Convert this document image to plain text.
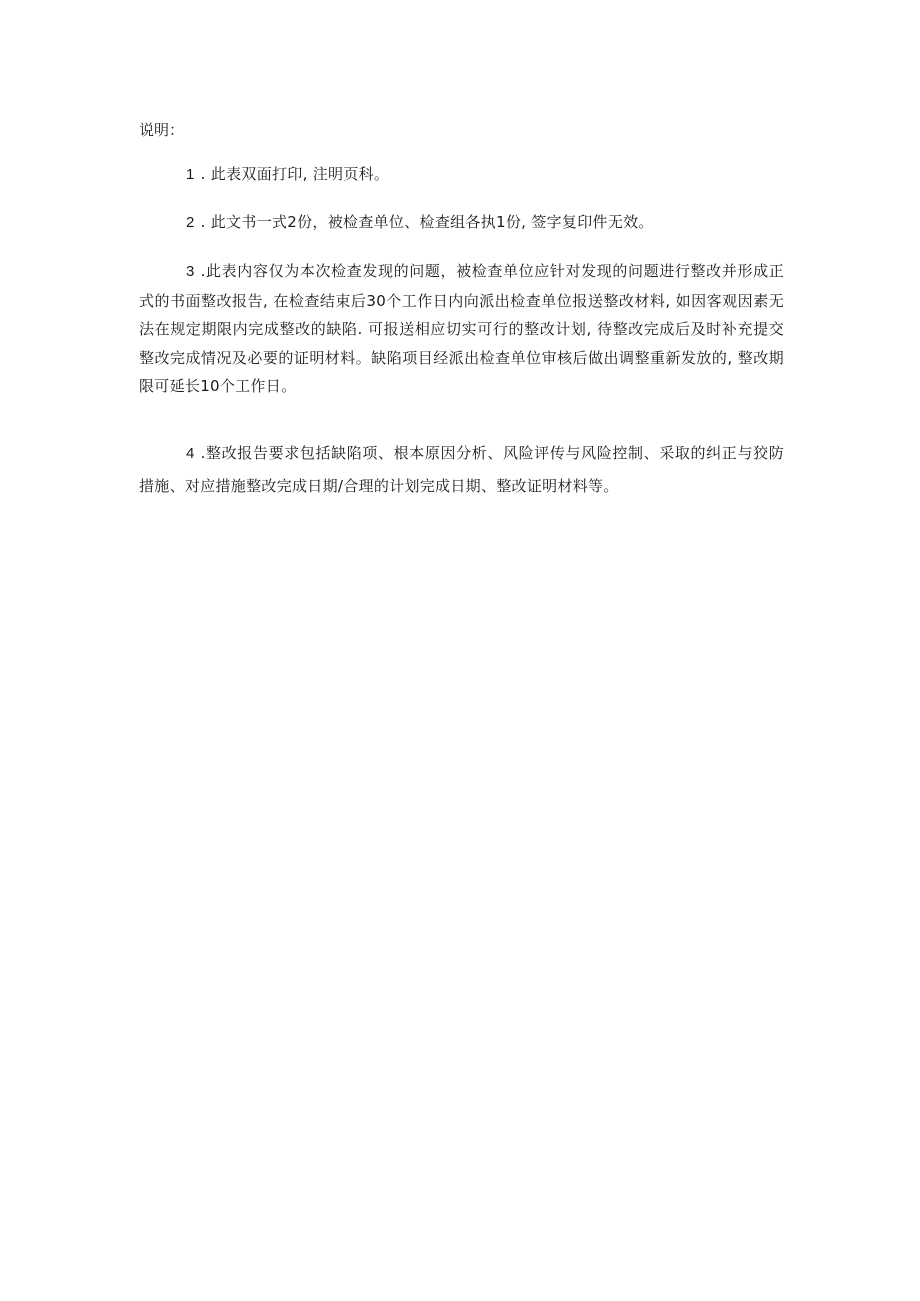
说明：

1 . 此表双面打印, 注明页科。

2 . 此文书一式2份，被检查单位、检查组各执1份, 签字复印件无效。

3 .此表内容仅为本次检查发现的问题，被检查单位应针对发现的问题进行整改并形成正式的书面整改报告, 在检查结束后30个工作日内向派出检查单位报送整改材料, 如因客观因素无法在规定期限内完成整改的缺陷. 可报送相应切实可行的整改计划, 待整改完成后及时补充提交整改完成情况及必要的证明材料。缺陷项目经派出检查单位审核后做出调整重新发放的, 整改期限可延长10个工作日。

4 .整改报告要求包括缺陷项、根本原因分析、风险评传与风险控制、采取的纠正与狡防措施、对应措施整改完成日期/合理的计划完成日期、整改证明材料等。
